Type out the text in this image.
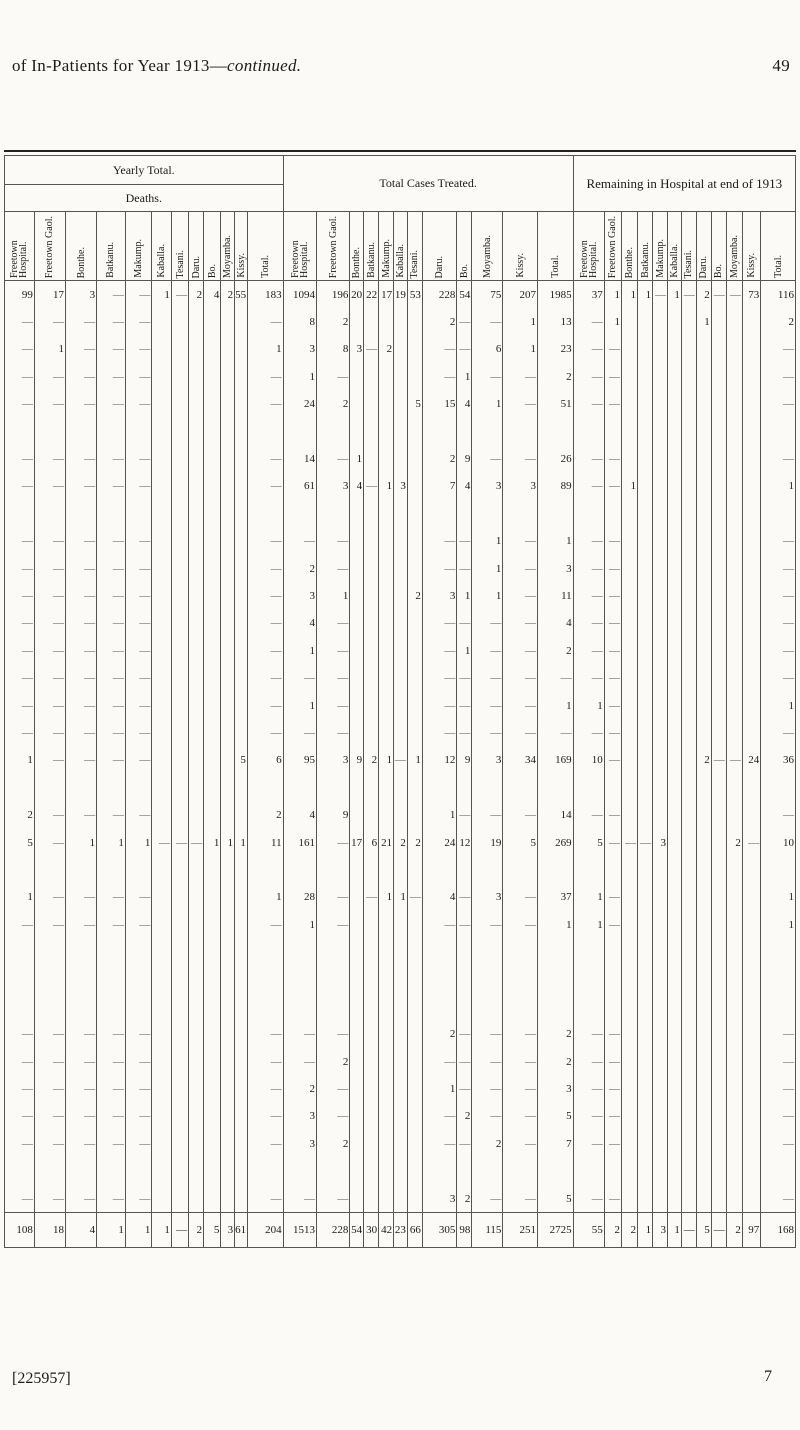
of In-Patients for Year 1913—continued.	49
Yearly Total.												Total Cases Treated.												Remaining in Hospital at end of 1913											
Deaths.																																			

Freetown Hospital.	Freetown Gaol.	Bonthe.	Batkanu.	Makump.	Kaballa.	Tesani.	Daru.	Bo.	Moyamba.	Kissy.	Total.	Freetown Hospital.	Freetown Gaol.	Bonthe.	Batkanu.	Makump.	Kaballa.	Tesani.	Daru.	Bo.	Moyamba.	Kissy.	Total.	Freetown Hospital.	Freetown Gaol.	Bonthe.	Batkanu.	Makump.	Kaballa.	Tesani.	Daru.	Bo.	Moyamba.	Kissy.	Total.

99	17	3	—	—	1	—	2	4	2	55	183	1094	196	20	22	17	19	53	228	54	75	207	1985	37	1	1	1	—	1	—	2	—	—	73	116
—	—	—	—	—							—	8	2						2	—	—	1	13	—	1						1				2
—	1	—	—	—							1	3	8	3	—	2			—	—	6	1	23	—	—										—
—	—	—	—	—							—	1	—						—	1	—	—	2	—	—										—
—	—	—	—	—							—	24	2					5	15	4	1	—	51	—	—										—

—	—	—	—	—							—	14	—	1					2	9	—	—	26	—	—										—
—	—	—	—	—							—	61	3	4	—	1	3		7	4	3	3	89	—	—	1									1

—	—	—	—	—							—	—	—						—	—	1	—	1	—	—										—
—	—	—	—	—							—	2	—						—	—	1	—	3	—	—										—
—	—	—	—	—							—	3	1					2	3	1	1	—	11	—	—										—
—	—	—	—	—							—	4	—						—	—	—	—	4	—	—										—
—	—	—	—	—							—	1	—						—	1	—	—	2	—	—										—
—	—	—	—	—							—	—	—						—	—	—	—	—	—	—										—
—	—	—	—	—							—	1	—						—	—	—	—	1	1	—										1
—	—	—	—	—							—	—	—						—	—	—	—	—	—	—										—
1	—	—	—	—						5	6	95	3	9	2	1	—	1	12	9	3	34	169	10	—						2	—	—	24	36

2	—	—	—	—							2	4	9						1	—	—	—	14	—	—										—
5	—	1	1	1	—	—	—	1	1	1	11	161	—	17	6	21	2	2	24	12	19	5	269	5	—	—	—	3					2	—	10

1	—	—	—	—							1	28	—		—	1	1	—	4	—	3	—	37	1	—										1
—	—	—	—	—							—	1	—						—	—	—	—	1	1	—										1

—	—	—	—	—							—	—	—						2	—	—	—	2	—	—										—
—	—	—	—	—							—	—	2						—	—	—	—	2	—	—										—
—	—	—	—	—							—	2	—						1	—	—	—	3	—	—										—
—	—	—	—	—							—	3	—						—	2	—	—	5	—	—										—
—	—	—	—	—							—	3	2						—	—	2	—	7	—	—										—

—	—	—	—	—							—	—	—						3	2	—	—	5	—	—										—
108	18	4	1	1	1	—	2	5	3	61	204	1513	228	54	30	42	23	66	305	98	115	251	2725	55	2	2	1	3	1	—	5	—	2	97	168
[225957]	7
